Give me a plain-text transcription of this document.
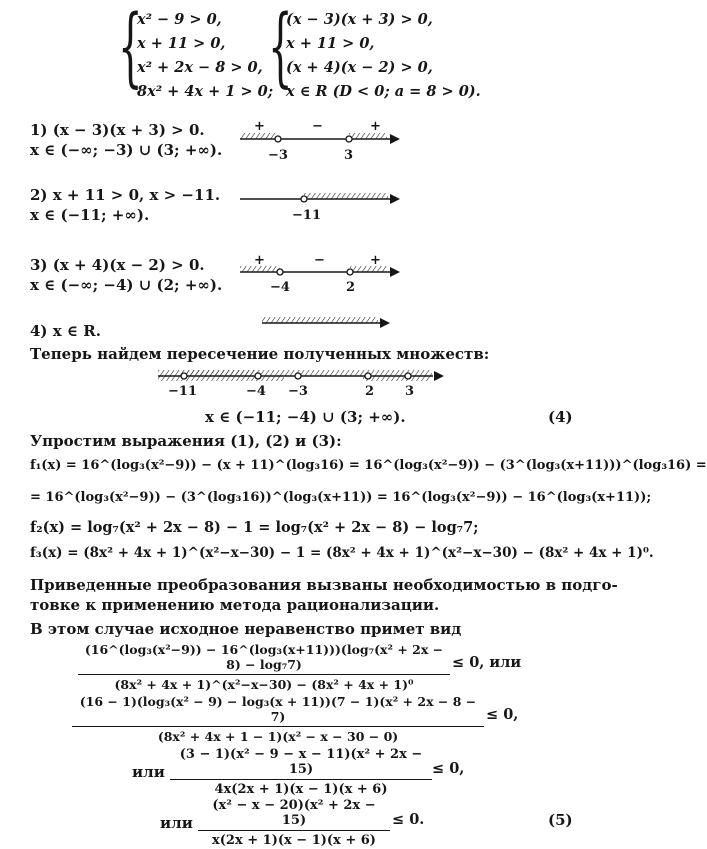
{
x² − 9 > 0,
x + 11 > 0,
x² + 2x − 8 > 0,
8x² + 4x + 1 > 0;
{
(x − 3)(x + 3) > 0,
x + 11 > 0,
(x + 4)(x − 2) > 0,
x ∈ R (D < 0; a = 8 > 0).
1) (x − 3)(x + 3) > 0.
x ∈ (−∞; −3) ∪ (3; +∞).
+	−	+
−3	3
2) x + 11 > 0, x > −11.
x ∈ (−11; +∞).	−11
3) (x + 4)(x − 2) > 0.
x ∈ (−∞; −4) ∪ (2; +∞).
+	−	+
−4	2
4) x ∈ R.
Теперь найдем пересечение полученных множеств:
−11	−4 −3	2 3
x ∈ (−11; −4) ∪ (3; +∞).	(4)
Упростим выражения (1), (2) и (3):
f₁(x) = 16^(log₃(x²−9)) − (x + 11)^(log₃16) = 16^(log₃(x²−9)) − (3^(log₃(x+11)))^(log₃16) =
= 16^(log₃(x²−9)) − (3^(log₃16))^(log₃(x+11)) = 16^(log₃(x²−9)) − 16^(log₃(x+11));
f₂(x) = log₇(x² + 2x − 8) − 1 = log₇(x² + 2x − 8) − log₇7;
f₃(x) = (8x² + 4x + 1)^(x²−x−30) − 1 = (8x² + 4x + 1)^(x²−x−30) − (8x² + 4x + 1)⁰.
Приведенные преобразования вызваны необходимостью в подго-
товке к применению метода рационализации.
В этом случае исходное неравенство примет вид
(16^(log₃(x²−9)) − 16^(log₃(x+11)))(log₇(x² + 2x − 8) − log₇7)
(8x² + 4x + 1)^(x²−x−30) − (8x² + 4x + 1)⁰
≤ 0, или
(16 − 1)(log₃(x² − 9) − log₃(x + 11))(7 − 1)(x² + 2x − 8 − 7)
(8x² + 4x + 1 − 1)(x² − x − 30 − 0)
≤ 0,
или $\frac{\text{(3 − 1)(x² − 9 − x − 11)(x² + 2x − 15)}}{4x(2x + 1)(x - 1)(x + 6)} \le 0$,
или $\frac{\text{(x² − x − 20)(x² + 2x − 15)}}{x(2x + 1)(x - 1)(x + 6)} \le 0$.	(5)
